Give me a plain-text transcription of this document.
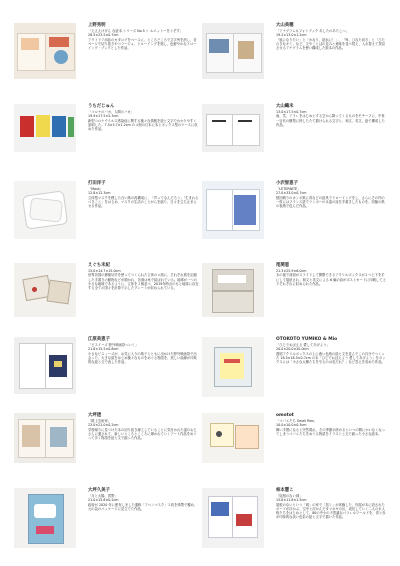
上野秀明
「えええけげん な絵本 シリーズ No.5 シ ルエットーをぐぞす」
28.5×23.5×0.7cm
アウトドア用品のカタログをベースに、ところどころで文字列を消し、各ページで切り抜きやコラージュ、ドローイングを施し、色鮮やかなドローイング・ブックとした作品。
うちだじゅん
「コロナのバカ、人間のバカ」
19.9×17.5×2.3cm
新型コロナウイルス感染症に関する様々な情報を絵と文字でわかりやすく説明した。7.5×5.7×1.2cm の４冊の日本に本とボックス型のケースに収めた作品。
打田洋子
「Mask」
12.8×12.3cm
立体型マスクを模した白い紙の再構成に、「声ってなんだろう」「生まれるべきこと」をはじめ、マスクの生活のことがらを綴り、日々を立ち止まらせる作品。
えぐち未紀
15.0×14.7×15.0cm
世界各国の郵便切手を使ってつくられた立体の６面に、それぞれ旅を記録した手書きの動物などが描かれ、各面は糸で結ばれている。地球が一つの小さな地域であるように、立体を２個並べ、2019年時点のもと地球に存在する全ての国々を計算で示したプレートが収められている。
江原美恵子
「ビスイーズ 野外映画祭へいく」
21.8×15.5×0.8cm
小さなビスィーズが、お気に入りの椅子とともに出かけた野外映画祭で出会った、大きな猿をはじめ様々なものをめぐる物語を、美しい曲線が印象的な絵と文で表した作品。
大坪透
「路上芸術家」
23.0×21.0×0.2cm
学校帰りに見つけた本の切り抜き線工していることに気付かれた謎のおじさんに通されて、新しいところとこころに導かれていくアート作品をめぐって歩く物語を絵と文で綴った作品。
大坪久美子
「月と太陽、貨幣」
21.0×15.8×0.2cm
政府が 2020 年に配布しました通称「アベノマスク」２枚を紙幣で覆め、元の袋のパッケージに見立てた作品。
大山美穂
「アナグラム＆フォトブック あしたのあたしへ」
19.2×13.0×1.2cm
「風になりたい」と「かなり、絵浜に！」、「卑、ひなた向き」と「ひたむきなキミ」など、文やことばの並みと意味を並べ替え、入れ替えて発見させるアナグラムを使い構成した旅本の作品。
大山織未
13.0×17.5×0.7cm
雨、雪、アラレをはじめとする空から降ってくるものをモチーフに、中世一百代の樹型に押したたて描けられる文字と、和文、英文、絵で構成した作品。
小沢智恵子
「LETERNITÉ」
27.0×33.0×0.7cm
数回刷りのカンボ紙に青などの絵具でドローイングをし、さらにその内の一枚にはフランス語でランボーの永遠の詩を手書きしたものを、同様の紙の表紙で包んだ作品。
尾関恵
21.3×25.9×6.0cm
木の板で前面がスライドして開閉できるアクリルボックスが２つ上下を手にして接続され、和文と英文による 6 編の詩がポストカードに印刷して上下それぞれに収められた作品。
OTOKOTO YUMIKO & Mio
「ひじでおばえる 愛してあげよう」
20.0×20.0×20.0cm
透明アクリルボックスの上に液い色紙の絵と文を並んでこの自分でつくった 18.5×18.5×0.7cm の本「ひじでおぼえよう 愛してあげよう」をボックスには「小さな大横たちを守るのは変だれ？」など答えを収めた作品。
omotot
「コバエたち Small flies」
10.0×10.0×0.3cm
舞い手擦になると突然現れ、その季節が終わるといつの間にかいなくなってしまうコバエたちをめぐる物語をイラストと文で綴った小さな絵本。
柿本慧こ
「屋根のない城」
15.8×11.8×1.5cm
屋根のないという「城」の家で「居く」が体験した、肉屋が本に設されたボードが浮かぶ、空中と浮かんだタマネギの区、成長していく二人の永人格たちをはじめとして、80の中小の不思議なパラレルワールドを、青と赤が印象的な淡い色彩の絵と文字で描いた作品。
